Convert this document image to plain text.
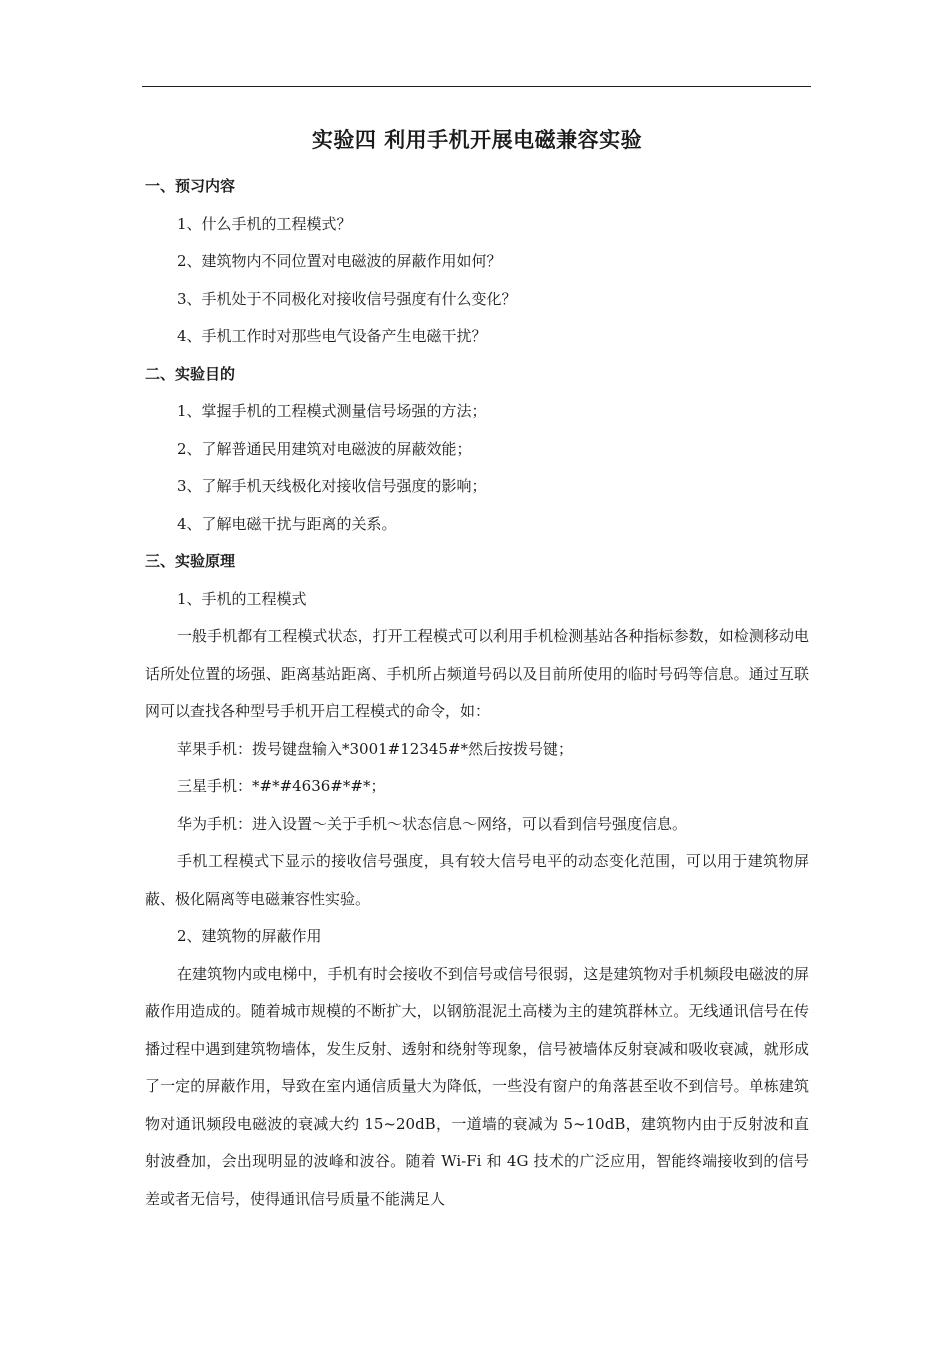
实验四 利用手机开展电磁兼容实验
一、预习内容

1、什么手机的工程模式？

2、建筑物内不同位置对电磁波的屏蔽作用如何？

3、手机处于不同极化对接收信号强度有什么变化？

4、手机工作时对那些电气设备产生电磁干扰？

二、实验目的

1、掌握手机的工程模式测量信号场强的方法；

2、了解普通民用建筑对电磁波的屏蔽效能；

3、了解手机天线极化对接收信号强度的影响；

4、了解电磁干扰与距离的关系。

三、实验原理

1、手机的工程模式

一般手机都有工程模式状态，打开工程模式可以利用手机检测基站各种指标参数，如检测移动电话所处位置的场强、距离基站距离、手机所占频道号码以及目前所使用的临时号码等信息。通过互联网可以查找各种型号手机开启工程模式的命令，如：

苹果手机：拨号键盘输入*3001#12345#*然后按拨号键；

三星手机：*#*#4636#*#*；

华为手机：进入设置～关于手机～状态信息～网络，可以看到信号强度信息。

手机工程模式下显示的接收信号强度，具有较大信号电平的动态变化范围，可以用于建筑物屏蔽、极化隔离等电磁兼容性实验。

2、建筑物的屏蔽作用

在建筑物内或电梯中，手机有时会接收不到信号或信号很弱，这是建筑物对手机频段电磁波的屏蔽作用造成的。随着城市规模的不断扩大，以钢筋混泥土高楼为主的建筑群林立。无线通讯信号在传播过程中遇到建筑物墙体，发生反射、透射和绕射等现象，信号被墙体反射衰减和吸收衰减，就形成了一定的屏蔽作用，导致在室内通信质量大为降低，一些没有窗户的角落甚至收不到信号。单栋建筑物对通讯频段电磁波的衰减大约 15~20dB，一道墙的衰减为 5~10dB，建筑物内由于反射波和直射波叠加，会出现明显的波峰和波谷。随着 Wi-Fi 和 4G 技术的广泛应用，智能终端接收到的信号差或者无信号，使得通讯信号质量不能满足人
